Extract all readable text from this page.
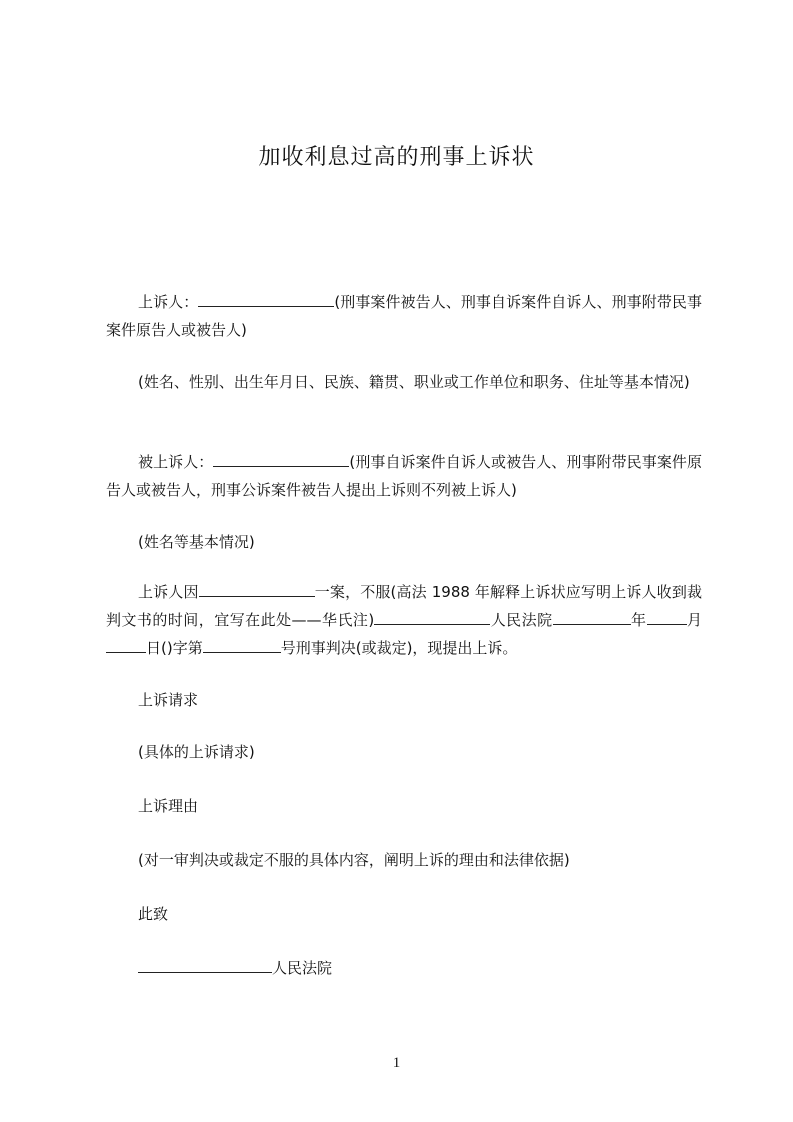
加收利息过高的刑事上诉状
上诉人：	(刑事案件被告人、刑事自诉案件自诉人、刑事附带民事案件原告人或被告人)
(姓名、性别、出生年月日、民族、籍贯、职业或工作单位和职务、住址等基本情况)
被上诉人：	(刑事自诉案件自诉人或被告人、刑事附带民事案件原告人或被告人，刑事公诉案件被告人提出上诉则不列被上诉人)
(姓名等基本情况)
上诉人因	一案，不服(高法 1988 年解释上诉状应写明上诉人收到裁判文书的时间，宜写在此处——华氏注)	人民法院	年	月日()字第	号刑事判决(或裁定)，现提出上诉。
上诉请求
(具体的上诉请求)
上诉理由
(对一审判决或裁定不服的具体内容，阐明上诉的理由和法律依据)
此致
人民法院
1
